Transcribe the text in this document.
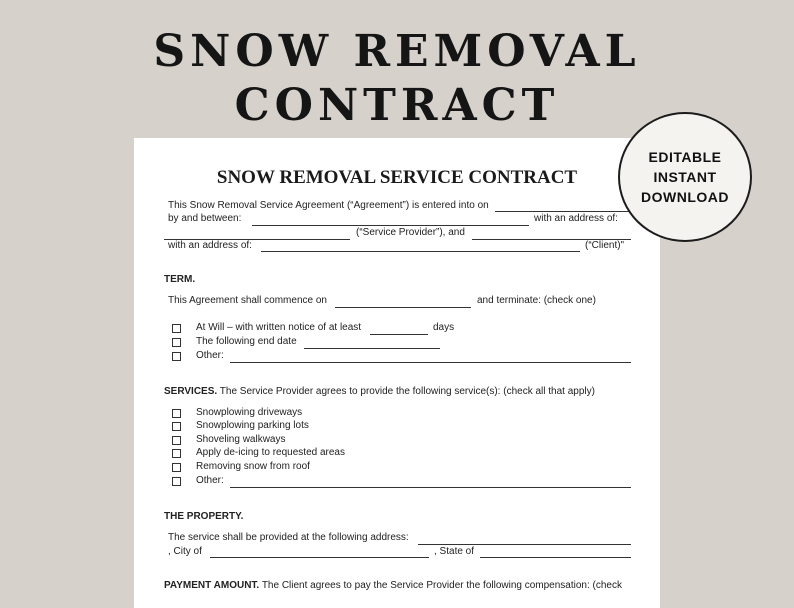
SNOW REMOVAL
CONTRACT
SNOW REMOVAL SERVICE CONTRACT
This Snow Removal Service Agreement (“Agreement”) is entered into on
by and between:	with an address of:
(“Service Provider”), and
with an address of:	(“Client)"
TERM.
This Agreement shall commence on	and terminate: (check one)
At Will – with written notice of at least	days
The following end date
Other:
SERVICES. The Service Provider agrees to provide the following service(s): (check all that apply)
Snowplowing driveways
Snowplowing parking lots
Shoveling walkways
Apply de-icing to requested areas
Removing snow from roof
Other:
THE PROPERTY.
The service shall be provided at the following address:
, City of	, State of
PAYMENT AMOUNT. The Client agrees to pay the Service Provider the following compensation: (check
EDITABLE
INSTANT
DOWNLOAD
